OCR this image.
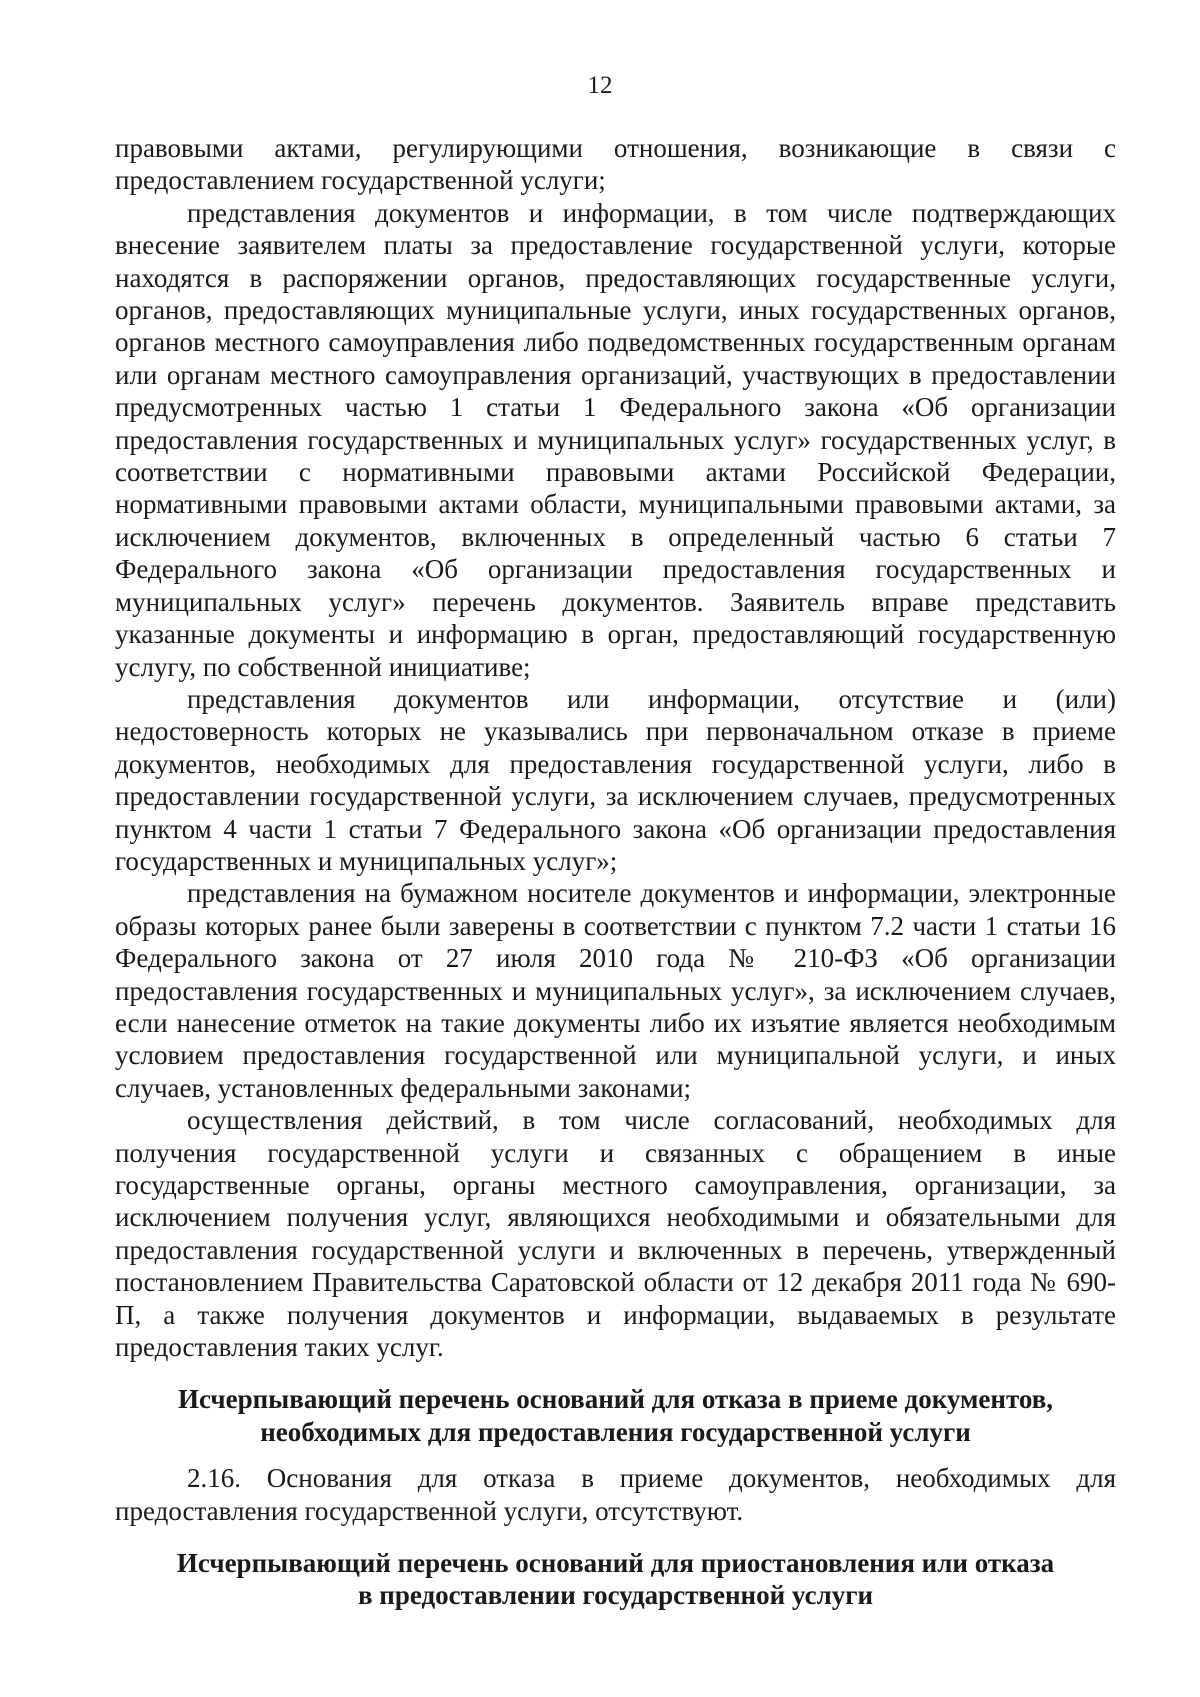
12

правовыми актами, регулирующими отношения, возникающие в связи с предоставлением государственной услуги;

представления документов и информации, в том числе подтверждающих внесение заявителем платы за предоставление государственной услуги, которые находятся в распоряжении органов, предоставляющих государственные услуги, органов, предоставляющих муниципальные услуги, иных государственных органов, органов местного самоуправления либо подведомственных государственным органам или органам местного самоуправления организаций, участвующих в предоставлении предусмотренных частью 1 статьи 1 Федерального закона «Об организации предоставления государственных и муниципальных услуг» государственных услуг, в соответствии с нормативными правовыми актами Российской Федерации, нормативными правовыми актами области, муниципальными правовыми актами, за исключением документов, включенных в определенный частью 6 статьи 7 Федерального закона «Об организации предоставления государственных и муниципальных услуг» перечень документов. Заявитель вправе представить указанные документы и информацию в орган, предоставляющий государственную услугу, по собственной инициативе;

представления документов или информации, отсутствие и (или) недостоверность которых не указывались при первоначальном отказе в приеме документов, необходимых для предоставления государственной услуги, либо в предоставлении государственной услуги, за исключением случаев, предусмотренных пунктом 4 части 1 статьи 7 Федерального закона «Об организации предоставления государственных и муниципальных услуг»;

представления на бумажном носителе документов и информации, электронные образы которых ранее были заверены в соответствии с пунктом 7.2 части 1 статьи 16 Федерального закона от 27 июля 2010 года № 210-ФЗ «Об организации предоставления государственных и муниципальных услуг», за исключением случаев, если нанесение отметок на такие документы либо их изъятие является необходимым условием предоставления государственной или муниципальной услуги, и иных случаев, установленных федеральными законами;

осуществления действий, в том числе согласований, необходимых для получения государственной услуги и связанных с обращением в иные государственные органы, органы местного самоуправления, организации, за исключением получения услуг, являющихся необходимыми и обязательными для предоставления государственной услуги и включенных в перечень, утвержденный постановлением Правительства Саратовской области от 12 декабря 2011 года № 690-П, а также получения документов и информации, выдаваемых в результате предоставления таких услуг.

Исчерпывающий перечень оснований для отказа в приеме документов,
необходимых для предоставления государственной услуги

2.16. Основания для отказа в приеме документов, необходимых для предоставления государственной услуги, отсутствуют.

Исчерпывающий перечень оснований для приостановления или отказа
в предоставлении государственной услуги
